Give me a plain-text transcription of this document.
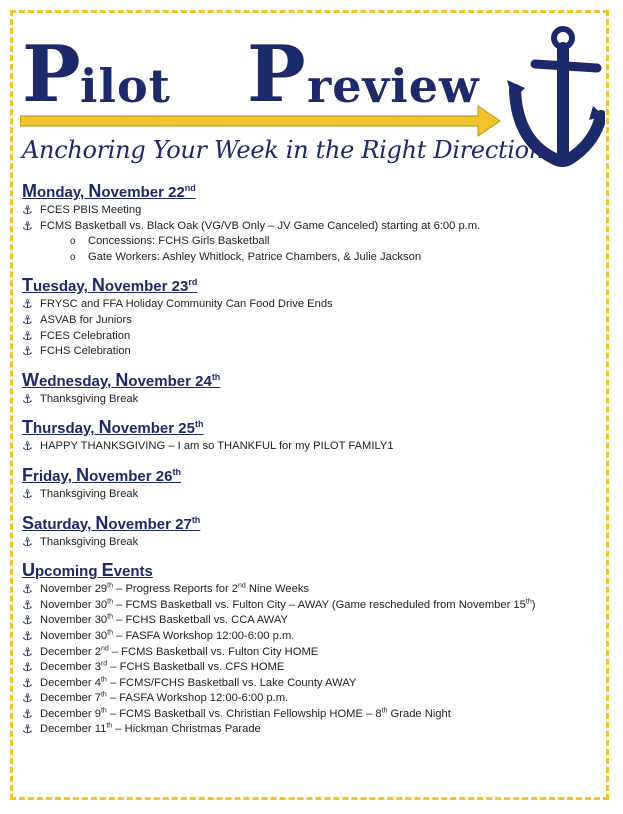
P ilot P review
Anchoring Your Week in the Right Direction

Monday, November 22nd

⚓︎ FCES PBIS Meeting
⚓︎ FCMS Basketball vs. Black Oak (VG/VB Only – JV Game Canceled) starting at 6:00 p.m.
o Concessions: FCHS Girls Basketball
o Gate Workers: Ashley Whitlock, Patrice Chambers, & Julie Jackson

Tuesday, November 23rd

⚓︎ FRYSC and FFA Holiday Community Can Food Drive Ends
⚓︎ ASVAB for Juniors
⚓︎ FCES Celebration
⚓︎ FCHS Celebration

Wednesday, November 24th

⚓︎ Thanksgiving Break

Thursday, November 25th

⚓︎ HAPPY THANKSGIVING – I am so THANKFUL for my PILOT FAMILY1

Friday, November 26th

⚓︎ Thanksgiving Break

Saturday, November 27th

⚓︎ Thanksgiving Break

Upcoming Events

⚓︎ November 29th – Progress Reports for 2nd Nine Weeks
⚓︎ November 30th – FCMS Basketball vs. Fulton City – AWAY (Game rescheduled from November 15th)
⚓︎ November 30th – FCHS Basketball vs. CCA AWAY
⚓︎ November 30th – FASFA Workshop 12:00-6:00 p.m.
⚓︎ December 2nd – FCMS Basketball vs. Fulton City HOME
⚓︎ December 3rd – FCHS Basketball vs. CFS HOME
⚓︎ December 4th – FCMS/FCHS Basketball vs. Lake County AWAY
⚓︎ December 7th – FASFA Workshop 12:00-6:00 p.m.
⚓︎ December 9th – FCMS Basketball vs. Christian Fellowship HOME – 8th Grade Night
⚓︎ December 11th – Hickman Christmas Parade
